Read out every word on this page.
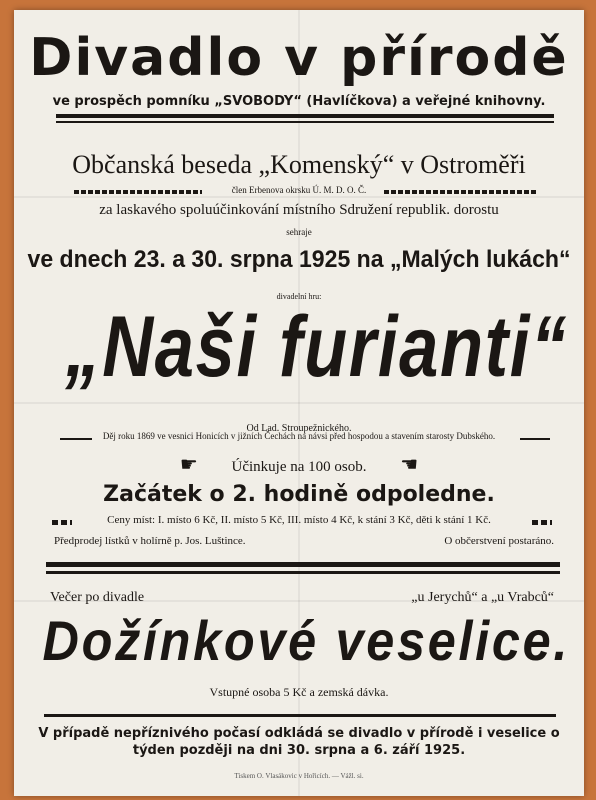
Divadlo v přírodě
ve prospěch pomníku „SVOBODY“ (Havlíčkova) a veřejné knihovny.
Občanská beseda „Komenský“ v Ostroměři
člen Erbenova okrsku Ú. M. D. O. Č.
za laskavého spoluúčinkování místního Sdružení republik. dorostu
sehraje
ve dnech 23. a 30. srpna 1925 na „Malých lukách“
divadelní hru:
„Naši furianti“
Od Lad. Stroupežnického.
Děj roku 1869 ve vesnici Honicích v jižních Čechách na návsi před hospodou a stavením starosty Dubského.
☛ Účinkuje na 100 osob. ☚
Začátek o 2. hodině odpoledne.
Ceny míst: I. místo 6 Kč, II. místo 5 Kč, III. místo 4 Kč, k stání 3 Kč, děti k stání 1 Kč.
Předprodej lístků v holírně p. Jos. Luštince.	O občerstvení postaráno.
Večer po divadle	„u Jerychů“ a „u Vrabců“
Dožínkové veselice.
Vstupné osoba 5 Kč a zemská dávka.
V případě nepříznivého počasí odkládá se divadlo v přírodě i veselice o týden později na dni 30. srpna a 6. září 1925.
Tiskem O. Vlasákovic v Hořicích. — Vážl. si.
